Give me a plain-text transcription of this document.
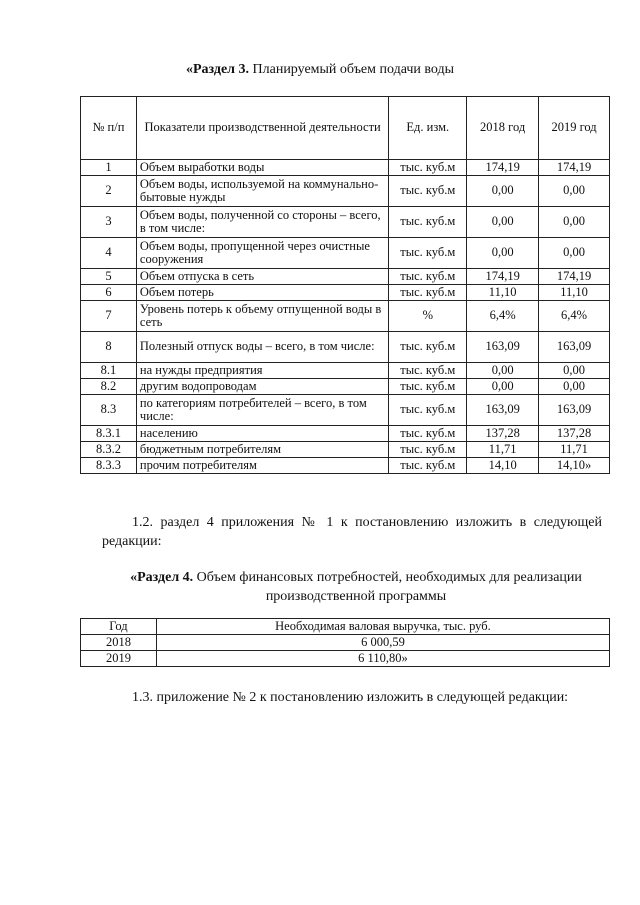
«Раздел 3. Планируемый объем подачи воды
№ п/п	Показатели производственной деятельности	Ед. изм.	2018 год	2019 год
1	Объем выработки воды	тыс. куб.м	174,19	174,19
2	Объем воды, используемой на коммунально-бытовые нужды	тыс. куб.м	0,00	0,00
3	Объем воды, полученной со стороны – всего, в том числе:	тыс. куб.м	0,00	0,00
4	Объем воды, пропущенной через очистные сооружения	тыс. куб.м	0,00	0,00
5	Объем отпуска в сеть	тыс. куб.м	174,19	174,19
6	Объем потерь	тыс. куб.м	11,10	11,10
7	Уровень потерь к объему отпущенной воды в сеть	%	6,4%	6,4%
8	Полезный отпуск воды – всего, в том числе:	тыс. куб.м	163,09	163,09
8.1	на нужды предприятия	тыс. куб.м	0,00	0,00
8.2	другим водопроводам	тыс. куб.м	0,00	0,00
8.3	по категориям потребителей – всего, в том числе:	тыс. куб.м	163,09	163,09
8.3.1	населению	тыс. куб.м	137,28	137,28
8.3.2	бюджетным потребителям	тыс. куб.м	11,71	11,71
8.3.3	прочим потребителям	тыс. куб.м	14,10	14,10»
1.2. раздел 4 приложения № 1 к постановлению изложить в следующей редакции:
«Раздел 4. Объем финансовых потребностей, необходимых для реализации производственной программы
Год	Необходимая валовая выручка, тыс. руб.
2018	6 000,59
2019	6 110,80»
1.3. приложение № 2 к постановлению изложить в следующей редакции:
